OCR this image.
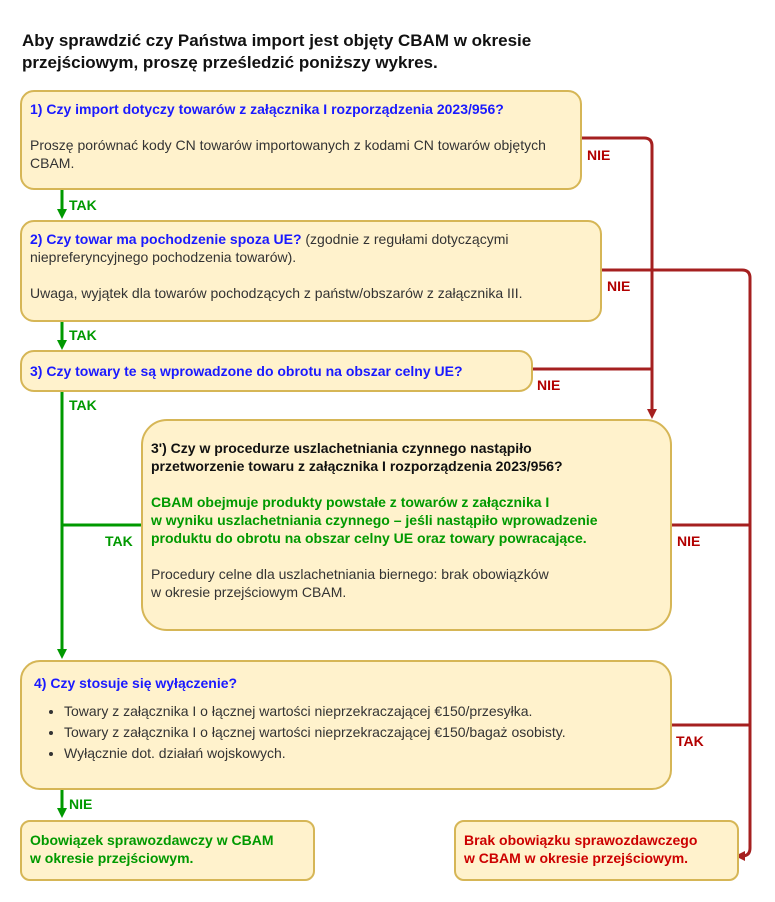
Aby sprawdzić czy Państwa import jest objęty CBAM w okresie
przejściowym, proszę prześledzić poniższy wykres.
1) Czy import dotyczy towarów z załącznika I rozporządzenia 2023/956?
Proszę porównać kody CN towarów importowanych z kodami CN towarów objętych CBAM.
TAK
NIE
2) Czy towar ma pochodzenie spoza UE? (zgodnie z regułami dotyczącymi niepreferyncyjnego pochodzenia towarów).
Uwaga, wyjątek dla towarów pochodzących z państw/obszarów z załącznika III.
TAK
NIE
3) Czy towary te są wprowadzone do obrotu na obszar celny UE?
TAK
NIE
3') Czy w procedurze uszlachetniania czynnego nastąpiło
przetworzenie towaru z załącznika I rozporządzenia 2023/956?
CBAM obejmuje produkty powstałe z towarów z załącznika I
w wyniku uszlachetniania czynnego – jeśli nastąpiło wprowadzenie
produktu do obrotu na obszar celny UE oraz towary powracające.
Procedury celne dla uszlachetniania biernego: brak obowiązków
w okresie przejściowym CBAM.
TAK	NIE
4) Czy stosuje się wyłączenie?
• Towary z załącznika I o łącznej wartości nieprzekraczającej €150/przesyłka.
• Towary z załącznika I o łącznej wartości nieprzekraczającej €150/bagaż osobisty.
• Wyłącznie dot. działań wojskowych.
TAK
NIE
Obowiązek sprawozdawczy w CBAM
w okresie przejściowym.
Brak obowiązku sprawozdawczego
w CBAM w okresie przejściowym.
